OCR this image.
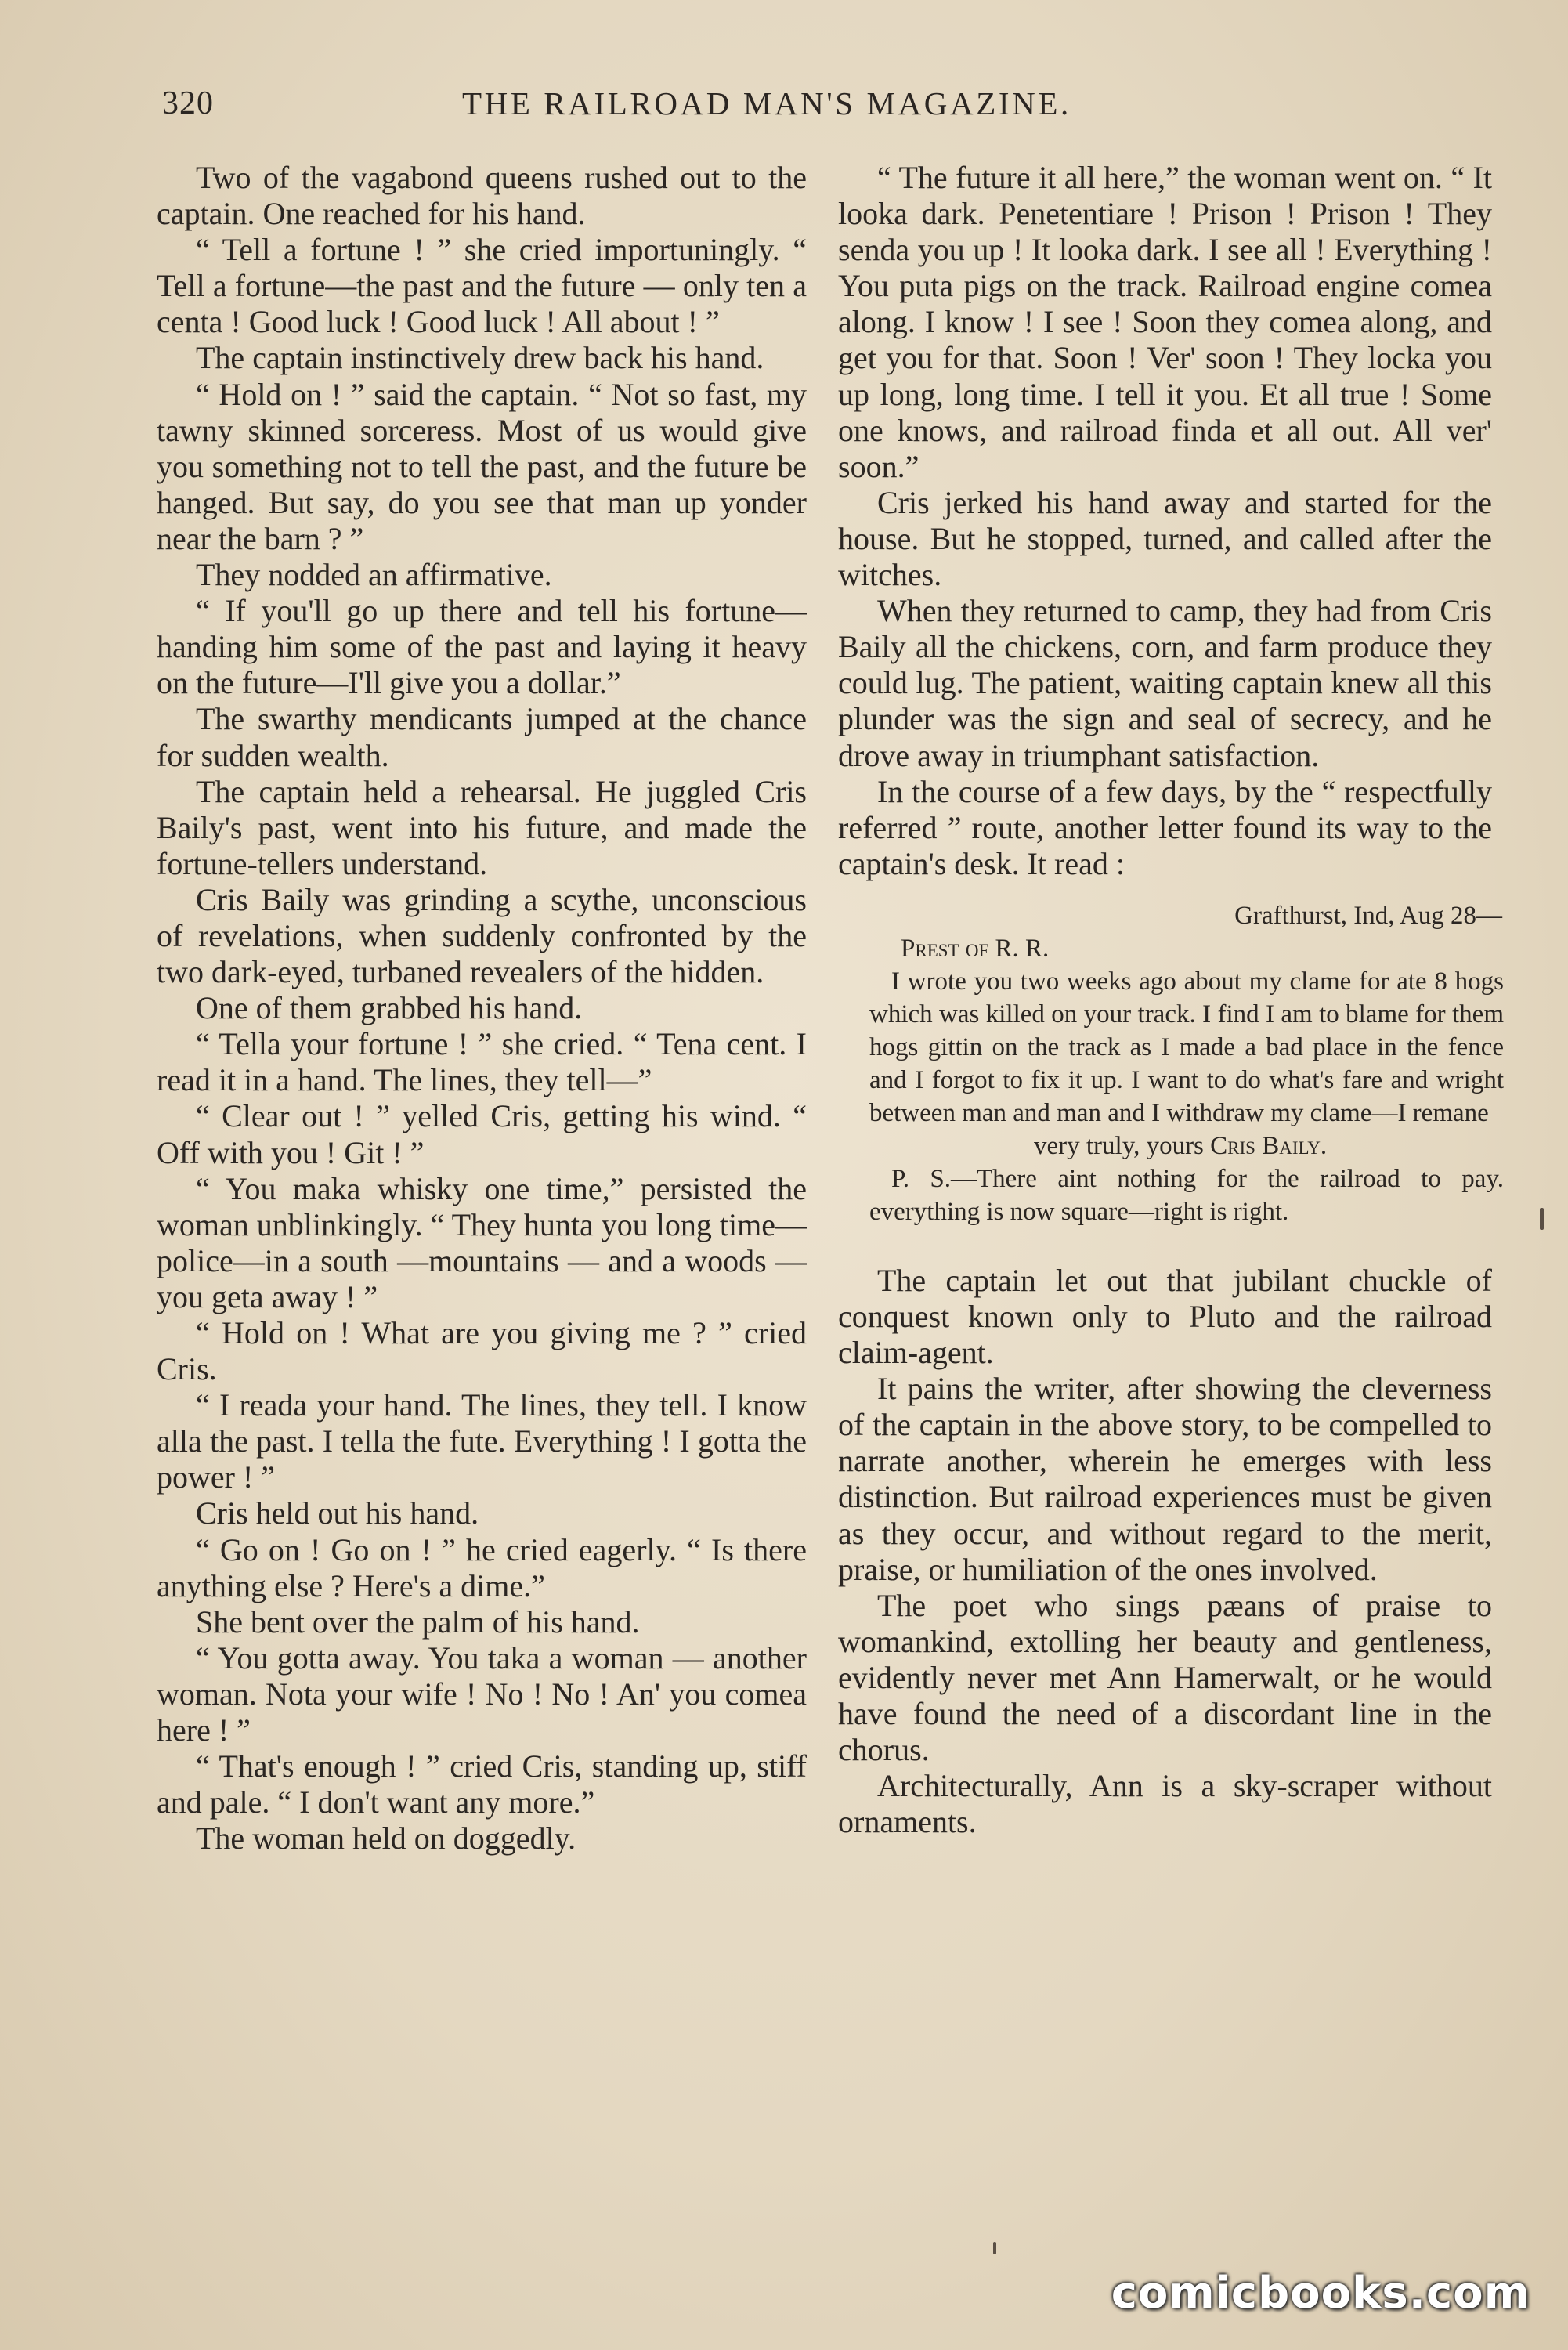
320	THE RAILROAD MAN'S MAGAZINE.

Two of the vagabond queens rushed out to the captain. One reached for his hand.

“ Tell a fortune ! ” she cried importuningly. “ Tell a fortune—the past and the future — only ten a centa ! Good luck ! Good luck ! All about ! ”

The captain instinctively drew back his hand.

“ Hold on ! ” said the captain. “ Not so fast, my tawny skinned sorceress. Most of us would give you something not to tell the past, and the future be hanged. But say, do you see that man up yonder near the barn ? ”

They nodded an affirmative.

“ If you'll go up there and tell his fortune—handing him some of the past and laying it heavy on the future—I'll give you a dollar.”

The swarthy mendicants jumped at the chance for sudden wealth.

The captain held a rehearsal. He juggled Cris Baily's past, went into his future, and made the fortune-tellers understand.

Cris Baily was grinding a scythe, unconscious of revelations, when suddenly confronted by the two dark-eyed, turbaned revealers of the hidden.

One of them grabbed his hand.

“ Tella your fortune ! ” she cried. “ Tena cent. I read it in a hand. The lines, they tell—”

“ Clear out ! ” yelled Cris, getting his wind. “ Off with you ! Git ! ”

“ You maka whisky one time,” persisted the woman unblinkingly. “ They hunta you long time—police—in a south —mountains — and a woods — you geta away ! ”

“ Hold on ! What are you giving me ? ” cried Cris.

“ I reada your hand. The lines, they tell. I know alla the past. I tella the fute. Everything ! I gotta the power ! ”

Cris held out his hand.

“ Go on ! Go on ! ” he cried eagerly. “ Is there anything else ? Here's a dime.”

She bent over the palm of his hand.

“ You gotta away. You taka a woman — another woman. Nota your wife ! No ! No ! An' you comea here ! ”

“ That's enough ! ” cried Cris, standing up, stiff and pale. “ I don't want any more.”

The woman held on doggedly.

“ The future it all here,” the woman went on. “ It looka dark. Penetentiare ! Prison ! Prison ! They senda you up ! It looka dark. I see all ! Everything ! You puta pigs on the track. Railroad engine comea along. I know ! I see ! Soon they comea along, and get you for that. Soon ! Ver' soon ! They locka you up long, long time. I tell it you. Et all true ! Some one knows, and railroad finda et all out. All ver' soon.”

Cris jerked his hand away and started for the house. But he stopped, turned, and called after the witches.

When they returned to camp, they had from Cris Baily all the chickens, corn, and farm produce they could lug. The patient, waiting captain knew all this plunder was the sign and seal of secrecy, and he drove away in triumphant satisfaction.

In the course of a few days, by the “ respectfully referred ” route, another letter found its way to the captain's desk. It read :

Grafthurst, Ind, Aug 28—

Prest of R. R.

I wrote you two weeks ago about my clame for ate 8 hogs which was killed on your track. I find I am to blame for them hogs gittin on the track as I made a bad place in the fence and I forgot to fix it up. I want to do what's fare and wright between man and man and I withdraw my clame—I remane

very truly, yours Cris Baily.

P. S.—There aint nothing for the railroad to pay. everything is now square—right is right.

The captain let out that jubilant chuckle of conquest known only to Pluto and the railroad claim-agent.

It pains the writer, after showing the cleverness of the captain in the above story, to be compelled to narrate another, wherein he emerges with less distinction. But railroad experiences must be given as they occur, and without regard to the merit, praise, or humiliation of the ones involved.

The poet who sings pæans of praise to womankind, extolling her beauty and gentleness, evidently never met Ann Hamerwalt, or he would have found the need of a discordant line in the chorus.

Architecturally, Ann is a sky-scraper without ornaments.

comicbooks.com
